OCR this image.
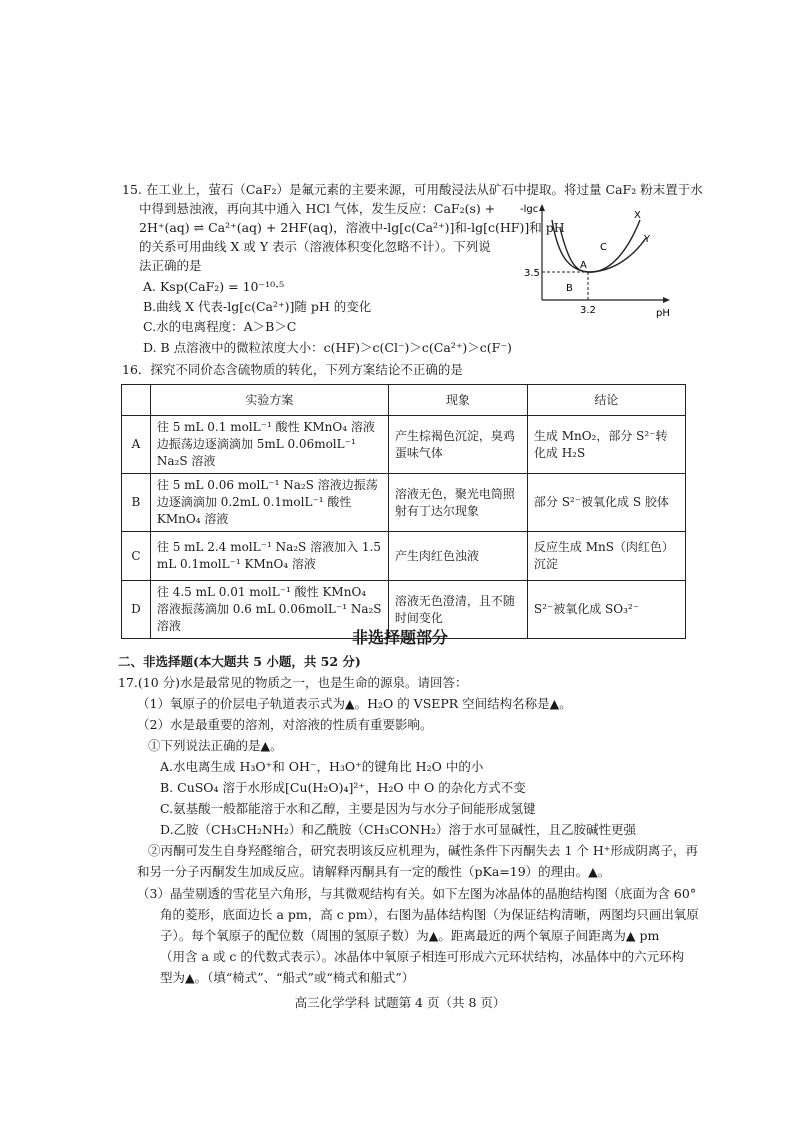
15. 在工业上，萤石（CaF₂）是氟元素的主要来源，可用酸浸法从矿石中提取。将过量 CaF₂ 粉末置于水
中得到悬浊液，再向其中通入 HCl 气体，发生反应：CaF₂(s) +
2H⁺(aq) ⇌ Ca²⁺(aq) + 2HF(aq)，溶液中-lg[c(Ca²⁺)]和-lg[c(HF)]和 pH
的关系可用曲线 X 或 Y 表示（溶液体积变化忽略不计）。下列说
法正确的是
A. Ksp(CaF₂) = 10⁻¹⁰·⁵
B.曲线 X 代表-lg[c(Ca²⁺)]随 pH 的变化
C.水的电离程度：A＞B＞C
D. B 点溶液中的微粒浓度大小：c(HF)＞c(Cl⁻)＞c(Ca²⁺)＞c(F⁻)
-lgc
pH
3.5
3.2
X
Y
A
B
C
16．探究不同价态含硫物质的转化，下列方案结论不正确的是
	实验方案	现象	结论
A	往 5 mL 0.1 molL⁻¹ 酸性 KMnO₄ 溶液边振荡边逐滴滴加 5mL 0.06molL⁻¹ Na₂S 溶液	产生棕褐色沉淀，臭鸡蛋味气体	生成 MnO₂，部分 S²⁻转化成 H₂S
B	往 5 mL 0.06 molL⁻¹ Na₂S 溶液边振荡边逐滴滴加 0.2mL 0.1molL⁻¹ 酸性 KMnO₄ 溶液	溶液无色，聚光电筒照射有丁达尔现象	部分 S²⁻被氧化成 S 胶体
C	往 5 mL 2.4 molL⁻¹ Na₂S 溶液加入 1.5 mL 0.1molL⁻¹ KMnO₄ 溶液	产生肉红色浊液	反应生成 MnS（肉红色）沉淀
D	往 4.5 mL 0.01 molL⁻¹ 酸性 KMnO₄ 溶液振荡滴加 0.6 mL 0.06molL⁻¹ Na₂S 溶液	溶液无色澄清，且不随时间变化	S²⁻被氧化成 SO₃²⁻
非选择题部分
二、非选择题(本大题共 5 小题，共 52 分)
17.(10 分)水是最常见的物质之一，也是生命的源泉。请回答：
（1）氧原子的价层电子轨道表示式为▲。H₂O 的 VSEPR 空间结构名称是▲。
（2）水是最重要的溶剂，对溶液的性质有重要影响。
①下列说法正确的是▲。
A.水电离生成 H₃O⁺和 OH⁻，H₃O⁺的键角比 H₂O 中的小
B. CuSO₄ 溶于水形成[Cu(H₂O)₄]²⁺，H₂O 中 O 的杂化方式不变
C.氨基酸一般都能溶于水和乙醇，主要是因为与水分子间能形成氢键
D.乙胺（CH₃CH₂NH₂）和乙酰胺（CH₃CONH₂）溶于水可显碱性，且乙胺碱性更强
②丙酮可发生自身羟醛缩合，研究表明该反应机理为，碱性条件下丙酮失去 1 个 H⁺形成阴离子，再
和另一分子丙酮发生加成反应。请解释丙酮具有一定的酸性（pKa=19）的理由。▲。
（3）晶莹剔透的雪花呈六角形，与其微观结构有关。如下左图为冰晶体的晶胞结构图（底面为含 60°
角的菱形，底面边长 a pm，高 c pm），右图为晶体结构图（为保证结构清晰，两图均只画出氧原
子）。每个氧原子的配位数（周围的氢原子数）为▲。距离最近的两个氧原子间距离为▲ pm
（用含 a 或 c 的代数式表示）。冰晶体中氧原子相连可形成六元环状结构，冰晶体中的六元环构
型为▲。（填“椅式”、“船式”或“椅式和船式”）
高三化学学科 试题第 4 页（共 8 页）
